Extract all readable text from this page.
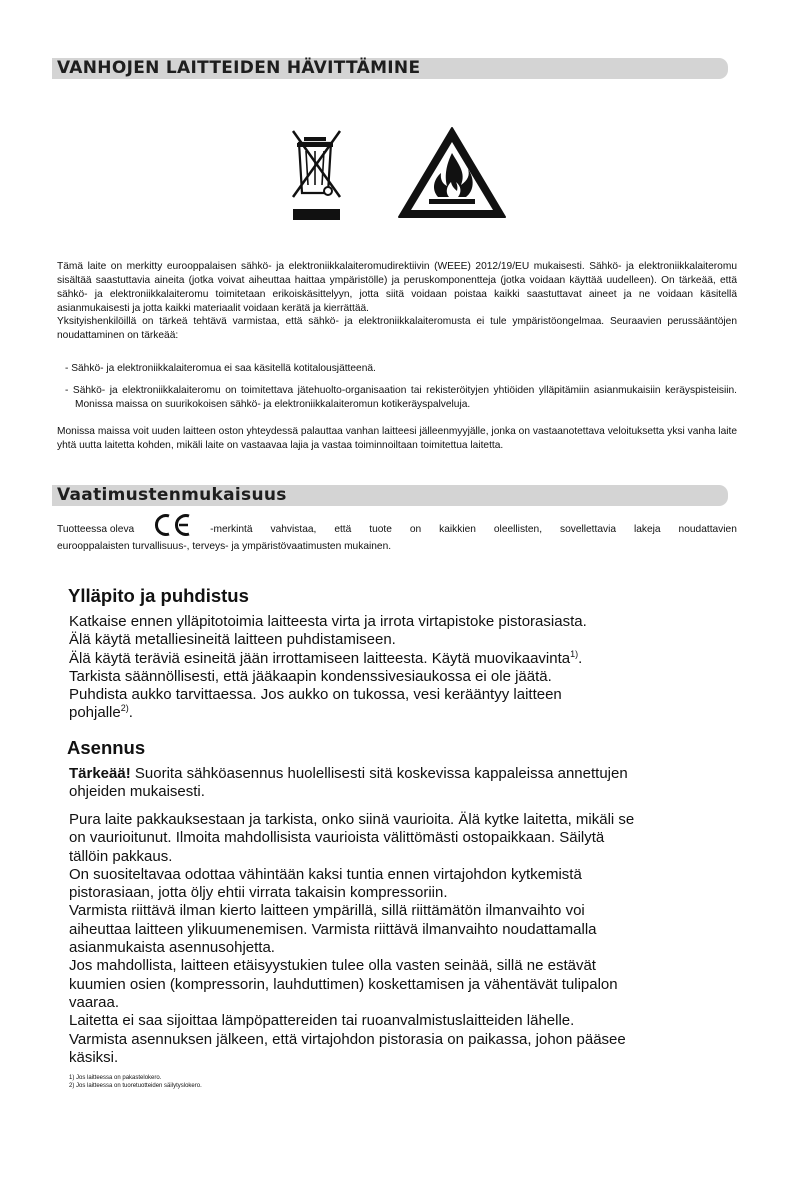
VANHOJEN LAITTEIDEN HÄVITTÄMINE

Tämä laite on merkitty eurooppalaisen sähkö- ja elektroniikkalaiteromudirektiivin (WEEE) 2012/19/EU mukaisesti. Sähkö- ja elektroniikkalaiteromu sisältää saastuttavia aineita (jotka voivat aiheuttaa haittaa ympäristölle) ja peruskomponentteja (jotka voidaan käyttää uudelleen). On tärkeää, että sähkö- ja elektroniikkalaiteromu toimitetaan erikoiskäsittelyyn, jotta siitä voidaan poistaa kaikki saastuttavat aineet ja ne voidaan käsitellä asianmukaisesti ja jotta kaikki materiaalit voidaan kerätä ja kierrättää.

Yksityishenkilöillä on tärkeä tehtävä varmistaa, että sähkö- ja elektroniikkalaiteromusta ei tule ympäristöongelmaa. Seuraavien perussääntöjen noudattaminen on tärkeää:

- Sähkö- ja elektroniikkalaiteromua ei saa käsitellä kotitalousjätteenä.

- Sähkö- ja elektroniikkalaiteromu on toimitettava jätehuolto-organisaation tai rekisteröityjen yhtiöiden ylläpitämiin asianmukaisiin keräyspisteisiin. Monissa maissa on suurikokoisen sähkö- ja elektroniikkalaiteromun kotikeräyspalveluja.

Monissa maissa voit uuden laitteen oston yhteydessä palauttaa vanhan laitteesi jälleenmyyjälle, jonka on vastaanotettava veloituksetta yksi vanha laite yhtä uutta laitetta kohden, mikäli laite on vastaavaa lajia ja vastaa toiminnoiltaan toimitettua laitetta.

Vaatimustenmukaisuus
Tuotteessa oleva	-merkintä vahvistaa, että tuote on kaikkien oleellisten, sovellettavia lakeja noudattavien
eurooppalaisten turvallisuus-, terveys- ja ympäristövaatimusten mukainen.
Ylläpito ja puhdistus
Katkaise ennen ylläpitotoimia laitteesta virta ja irrota virtapistoke pistorasiasta.
Älä käytä metalliesineitä laitteen puhdistamiseen.
Älä käytä teräviä esineitä jään irrottamiseen laitteesta. Käytä muovikaavinta$^{1)}$.
Tarkista säännöllisesti, että jääkaapin kondenssivesiaukossa ei ole jäätä.
Puhdista aukko tarvittaessa. Jos aukko on tukossa, vesi kerääntyy laitteen
pohjalle$^{2)}$.
Asennus

Tärkeää! Suorita sähköasennus huolellisesti sitä koskevissa kappaleissa annettujen ohjeiden mukaisesti.

Pura laite pakkauksestaan ja tarkista, onko siinä vaurioita. Älä kytke laitetta, mikäli se on vaurioitunut. Ilmoita mahdollisista vaurioista välittömästi ostopaikkaan. Säilytä tällöin pakkaus.
On suositeltavaa odottaa vähintään kaksi tuntia ennen virtajohdon kytkemistä pistorasiaan, jotta öljy ehtii virrata takaisin kompressoriin.
Varmista riittävä ilman kierto laitteen ympärillä, sillä riittämätön ilmanvaihto voi aiheuttaa laitteen ylikuumenemisen. Varmista riittävä ilmanvaihto noudattamalla asianmukaista asennusohjetta.
Jos mahdollista, laitteen etäisyystukien tulee olla vasten seinää, sillä ne estävät kuumien osien (kompressorin, lauhduttimen) koskettamisen ja vähentävät tulipalon vaaraa.
Laitetta ei saa sijoittaa lämpöpattereiden tai ruoanvalmistuslaitteiden lähelle.
Varmista asennuksen jälkeen, että virtajohdon pistorasia on paikassa, johon pääsee käsiksi.

1) Jos laitteessa on pakastelokero.
2) Jos laitteessa on tuoretuotteiden säilytyslokero.
